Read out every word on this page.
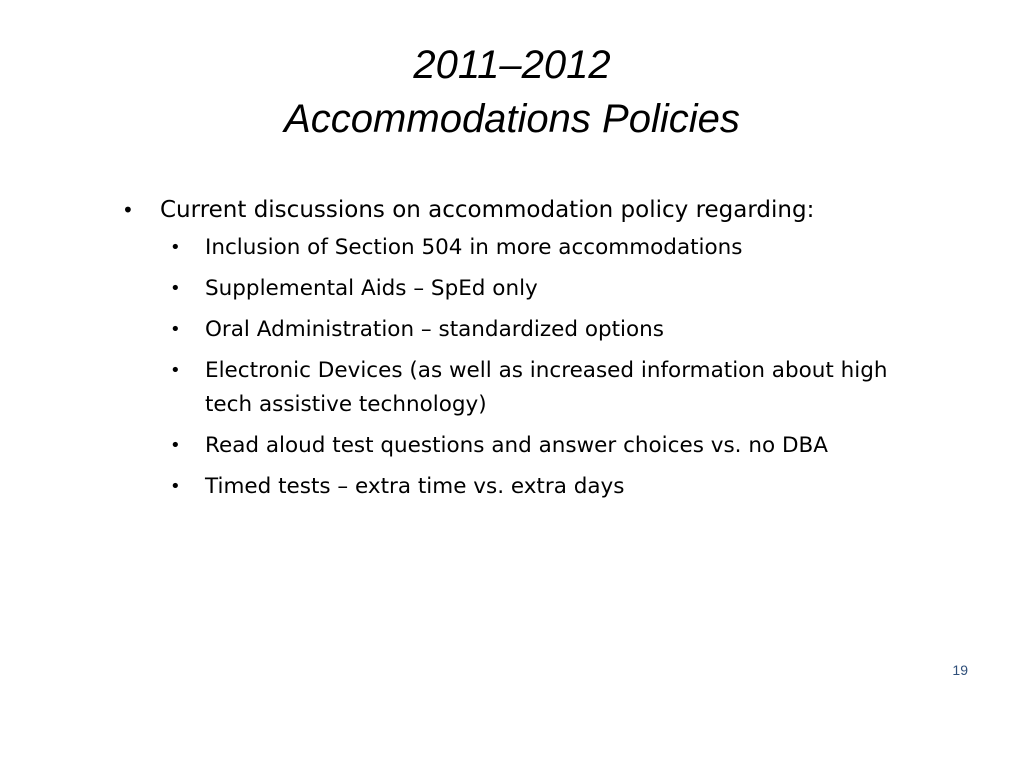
2011–2012
Accommodations Policies
• Current discussions on accommodation policy regarding:
• Inclusion of Section 504 in more accommodations
• Supplemental Aids – SpEd only
• Oral Administration – standardized options
• Electronic Devices (as well as increased information about high tech assistive technology)
• Read aloud test questions and answer choices vs. no DBA
• Timed tests – extra time vs. extra days
19
